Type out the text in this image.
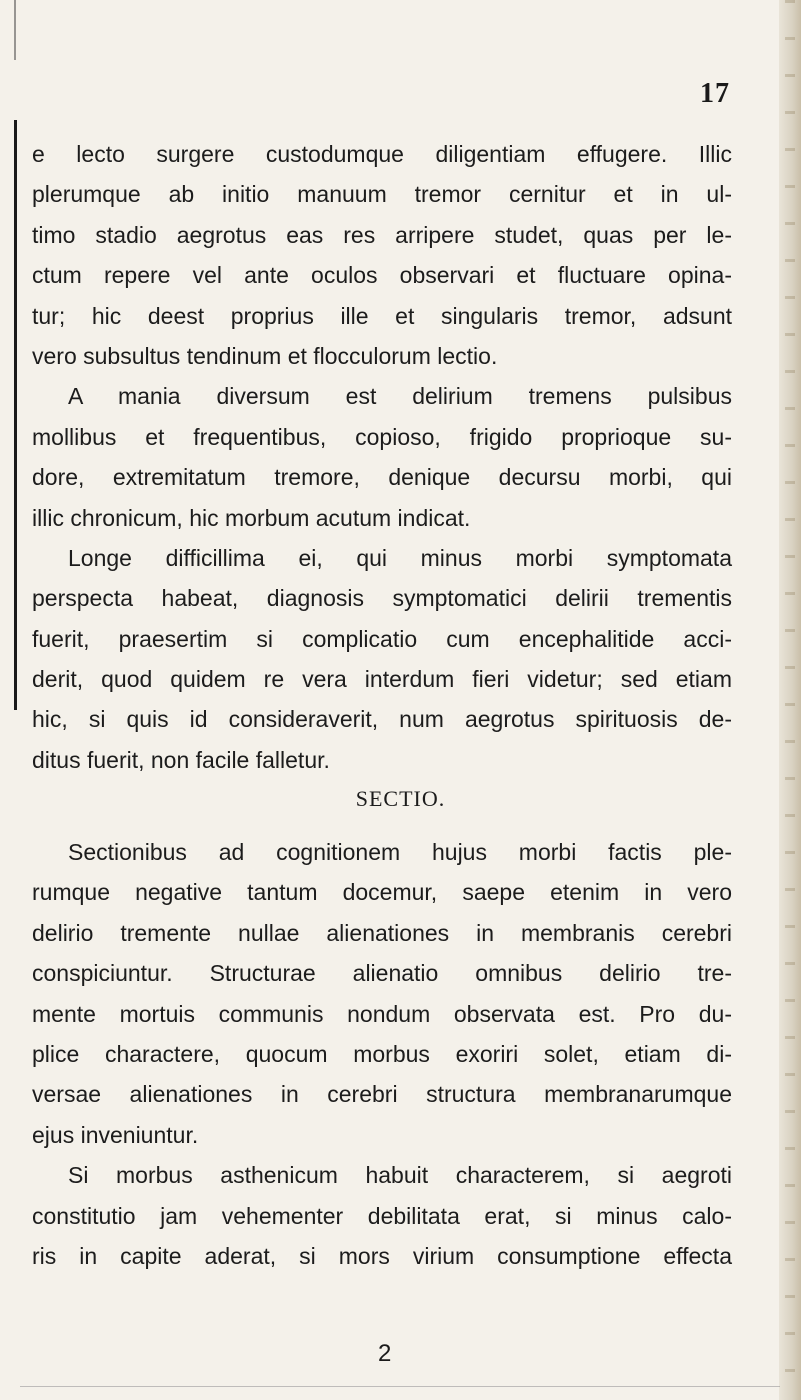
17
e lecto surgere custodumque diligentiam effugere. Illic
plerumque ab initio manuum tremor cernitur et in ul-
timo stadio aegrotus eas res arripere studet, quas per le-
ctum repere vel ante oculos observari et fluctuare opina-
tur; hic deest proprius ille et singularis tremor, adsunt
vero subsultus tendinum et flocculorum lectio.
A mania diversum est delirium tremens pulsibus
mollibus et frequentibus, copioso, frigido proprioque su-
dore, extremitatum tremore, denique decursu morbi, qui
illic chronicum, hic morbum acutum indicat.
Longe difficillima ei, qui minus morbi symptomata
perspecta habeat, diagnosis symptomatici delirii trementis
fuerit, praesertim si complicatio cum encephalitide acci-
derit, quod quidem re vera interdum fieri videtur; sed etiam
hic, si quis id consideraverit, num aegrotus spirituosis de-
ditus fuerit, non facile falletur.
SECTIO.
Sectionibus ad cognitionem hujus morbi factis ple-
rumque negative tantum docemur, saepe etenim in vero
delirio tremente nullae alienationes in membranis cerebri
conspiciuntur. Structurae alienatio omnibus delirio tre-
mente mortuis communis nondum observata est. Pro du-
plice charactere, quocum morbus exoriri solet, etiam di-
versae alienationes in cerebri structura membranarumque
ejus inveniuntur.
Si morbus asthenicum habuit characterem, si aegroti
constitutio jam vehementer debilitata erat, si minus calo-
ris in capite aderat, si mors virium consumptione effecta
2
